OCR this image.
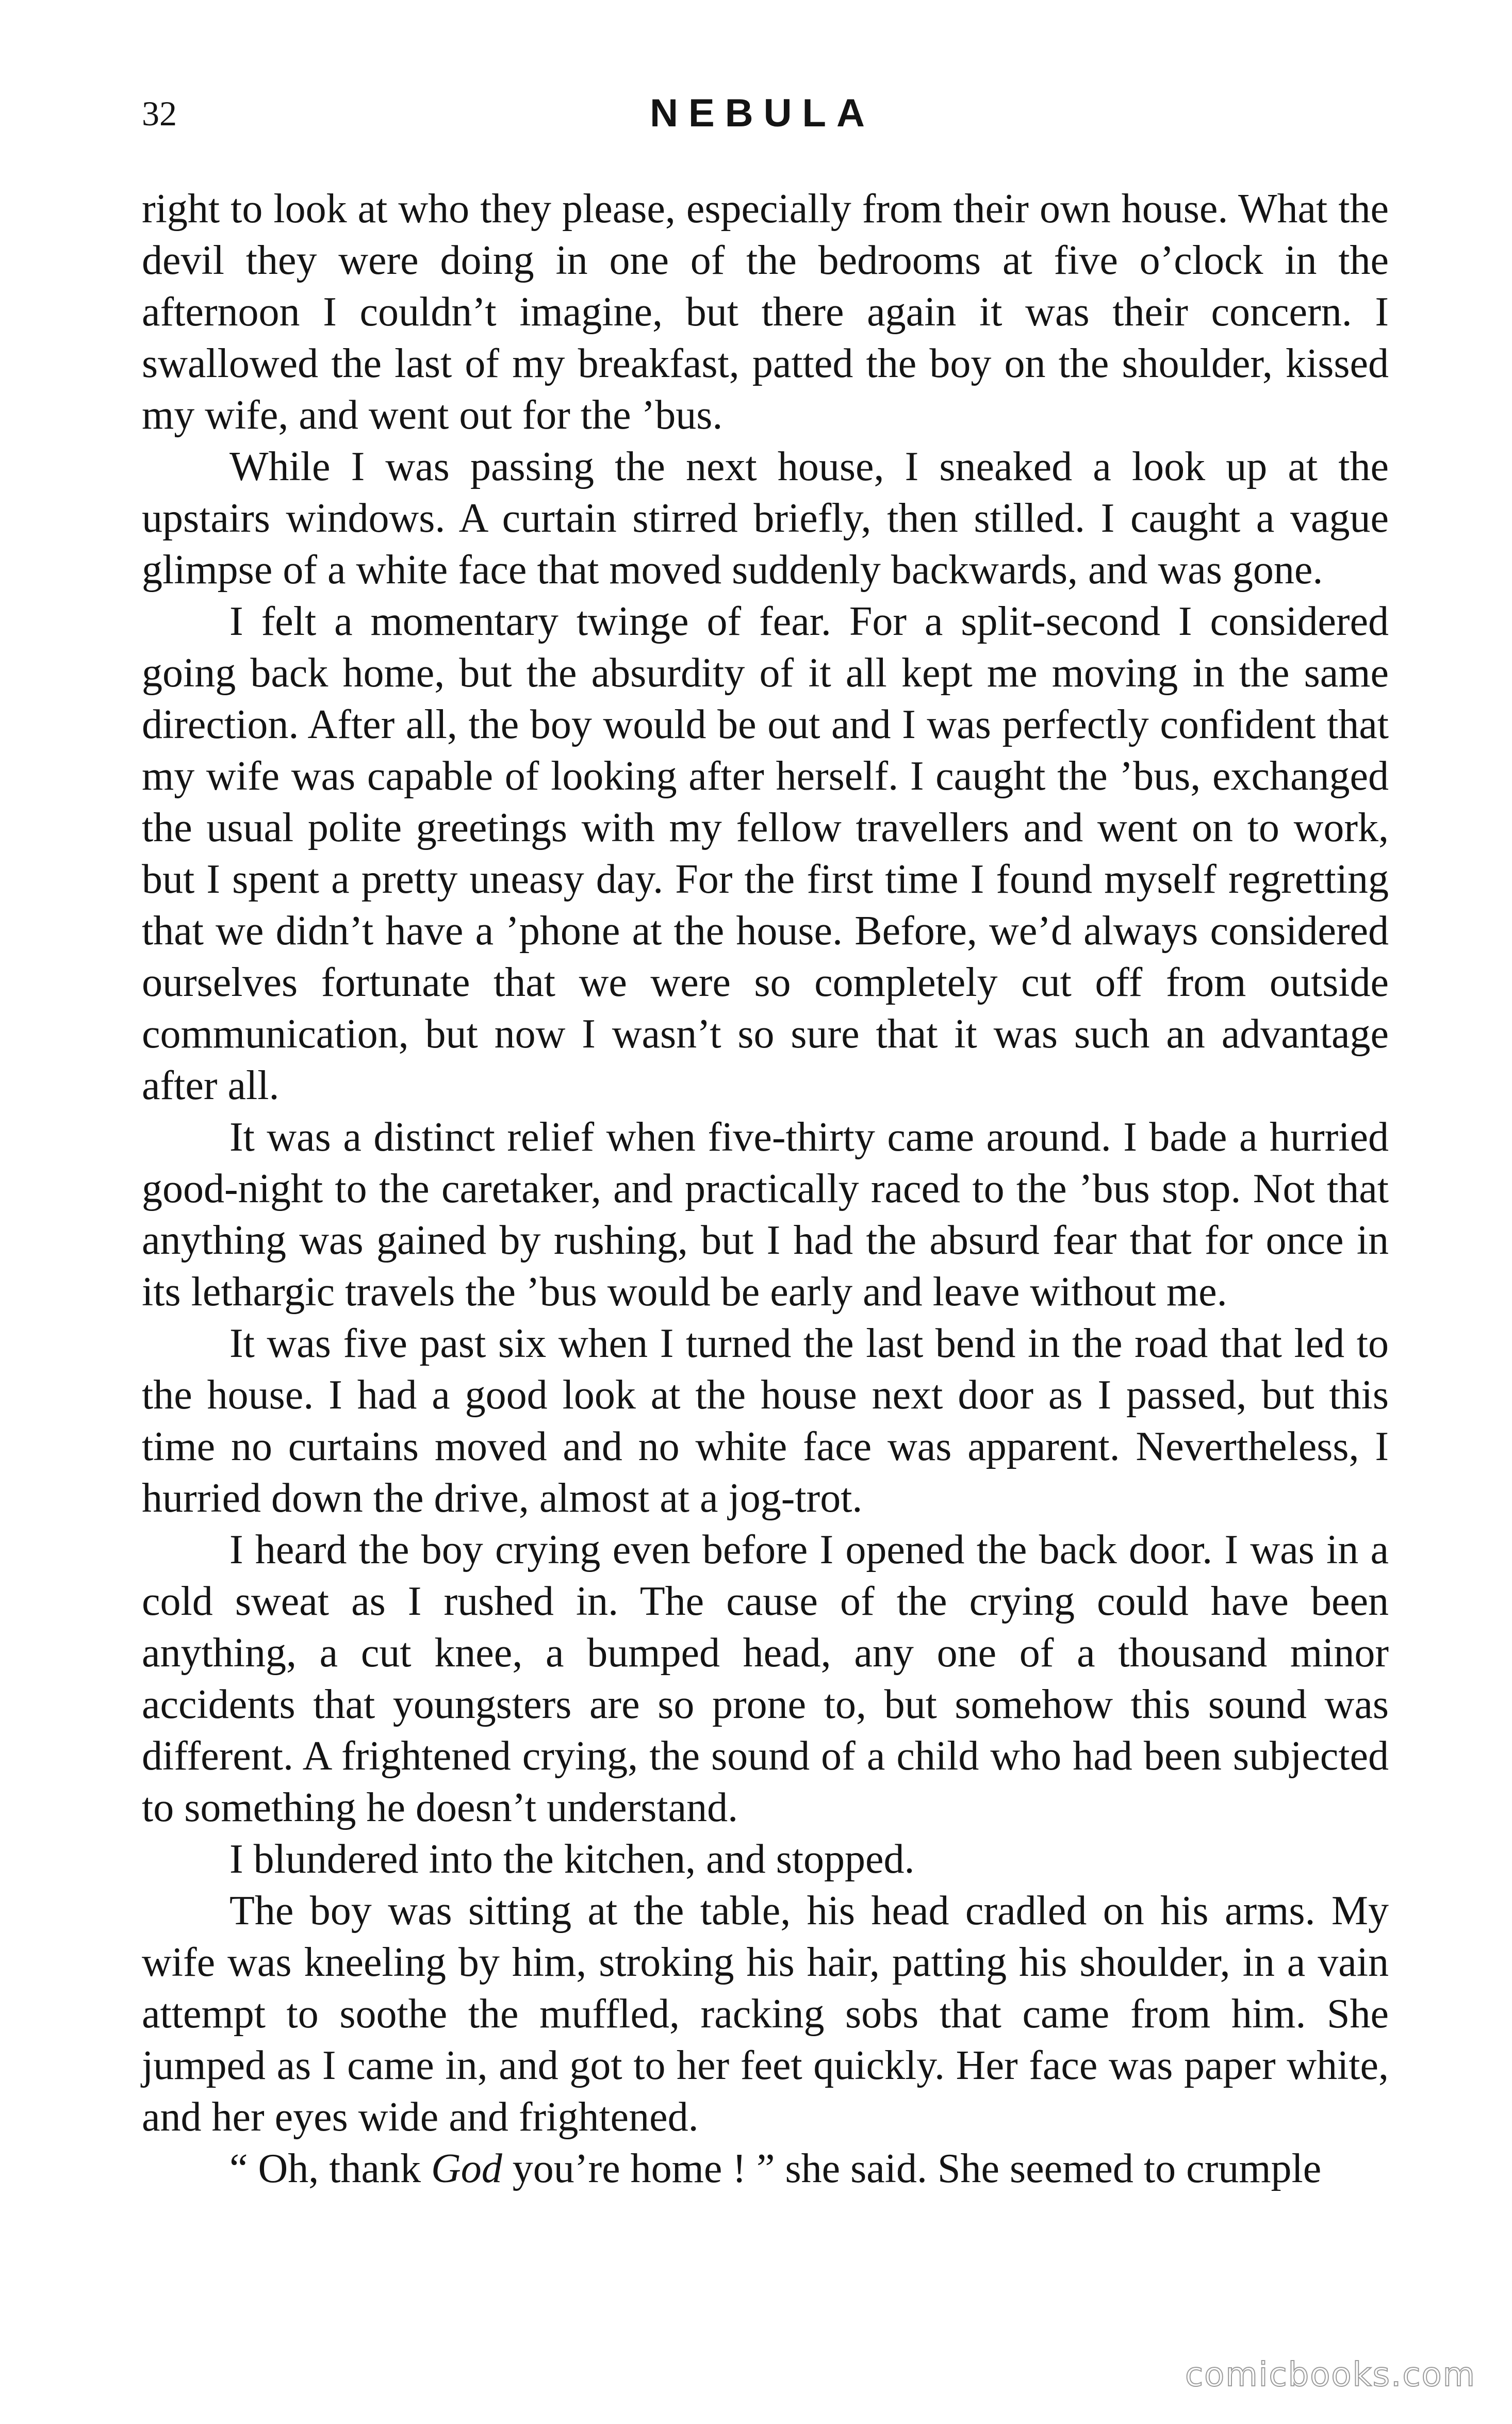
32	NEBULA

right to look at who they please, especially from their own house. What the devil they were doing in one of the bedrooms at five o’clock in the afternoon I couldn’t imagine, but there again it was their concern. I swallowed the last of my breakfast, patted the boy on the shoulder, kissed my wife, and went out for the ’bus.

While I was passing the next house, I sneaked a look up at the upstairs windows. A curtain stirred briefly, then stilled. I caught a vague glimpse of a white face that moved suddenly backwards, and was gone.

I felt a momentary twinge of fear. For a split-second I considered going back home, but the absurdity of it all kept me moving in the same direction. After all, the boy would be out and I was perfectly confident that my wife was capable of looking after herself. I caught the ’bus, exchanged the usual polite greetings with my fellow travellers and went on to work, but I spent a pretty uneasy day. For the first time I found myself regretting that we didn’t have a ’phone at the house. Before, we’d always considered ourselves fortunate that we were so completely cut off from outside communication, but now I wasn’t so sure that it was such an advantage after all.

It was a distinct relief when five-thirty came around. I bade a hurried good-night to the caretaker, and practically raced to the ’bus stop. Not that anything was gained by rushing, but I had the absurd fear that for once in its lethargic travels the ’bus would be early and leave without me.

It was five past six when I turned the last bend in the road that led to the house. I had a good look at the house next door as I passed, but this time no curtains moved and no white face was apparent. Nevertheless, I hurried down the drive, almost at a jog-trot.

I heard the boy crying even before I opened the back door. I was in a cold sweat as I rushed in. The cause of the crying could have been anything, a cut knee, a bumped head, any one of a thousand minor accidents that youngsters are so prone to, but somehow this sound was different. A frightened crying, the sound of a child who had been subjected to something he doesn’t understand.

I blundered into the kitchen, and stopped.

The boy was sitting at the table, his head cradled on his arms. My wife was kneeling by him, stroking his hair, patting his shoulder, in a vain attempt to soothe the muffled, racking sobs that came from him. She jumped as I came in, and got to her feet quickly. Her face was paper white, and her eyes wide and frightened.

“ Oh, thank God you’re home ! ” she said. She seemed to crumple

comicbooks.com
